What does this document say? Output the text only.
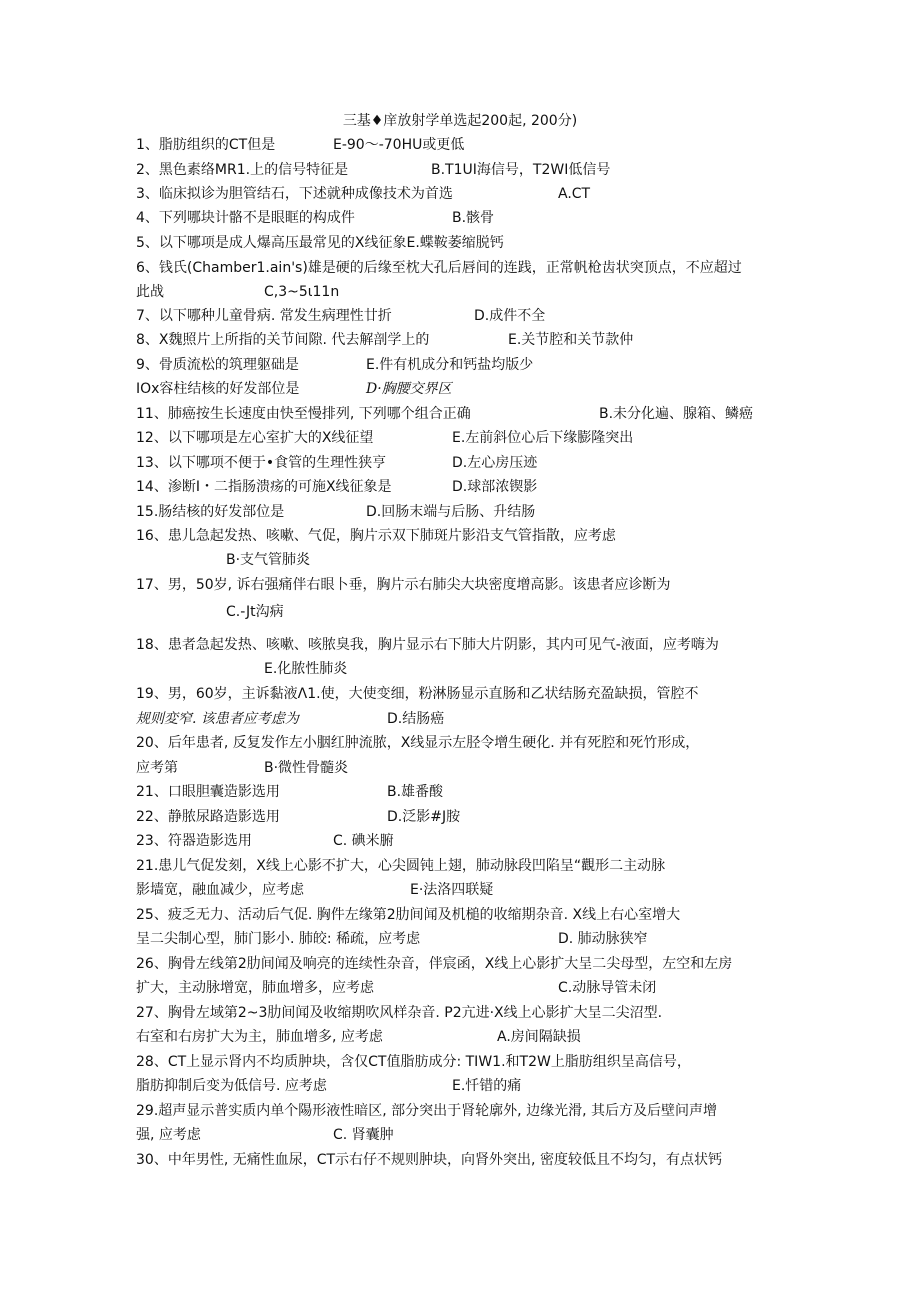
三基♦庠放射学单选起200起, 200分)
1、脂肪组织的CT但是	E-90～-70HU或更低
2、黑色素络MR1.上的信号特征是	B.T1UI海信号，T2WI低信号
3、临床拟诊为胆管结石，下述就种成像技术为首选	A.CT
4、下列哪块计骼不是眼眶的构成件	B.骸骨
5、以下哪项是成人爆高压最常见的X线征象E.蝶鞍萎缩脱钙
6、钱氏(Chamber1.ain's)雄是硬的后缘至枕大孔后唇间的连践，正常帆枪齿状突顶点，不应超过
此战	C,3~5ι11n
7、以下哪种儿童骨病. 常发生病理性廿折	D.成件不全
8、X魏照片上所指的关节间隙. 代去解剖学上的	E.关节腔和关节款仲
9、骨质流松的筑理躯础是	E.件有机成分和钙盐均版少
IOx容柱结核的好发部位是	D·胸腰交界区
11、肺癌按生长速度由快至慢排列, 下列哪个组合正确	B.未分化遍、腺箱、鳞癌
12、以下哪项是左心室扩大的X线征望	E.左前斜位心后下缘膨隆突出
13、以下哪项不便于•食管的生理性狭亨	D.左心房压迹
14、渗断I・二指肠溃疡的可施X线征象是	D.球部浓锲影
15.肠结核的好发部位是	D.回肠末端与后肠、升结肠
16、患儿急起发热、咳嗽、气促，胸片示双下肺斑片影沿支气管指散，应考虑
B·支气管肺炎
17、男，50岁, 诉右强痛伴右眼卜垂，胸片示右肺尖大块密度增高影。该患者应诊断为
C.-Jt沟病
18、患者急起发热、咳嗽、咳脓臭我，胸片显示右下肺大片阴影，其内可见气-液面，应考嗨为
E.化脓性肺炎
19、男，60岁，主诉黏液Λ1.使，大使变细，粉淋肠显示直肠和乙状结肠充盈缺损，管腔不
规则変窄. 该患者应考虑为	D.结肠癌
20、后年患者, 反复发作左小胭红肿流脓，X线显示左胫令增生硬化. 并有死腔和死竹形成，
应考第	B·微性骨髓炎
21、口眼胆囊造影选用	B.雄番酸
22、静脓尿路造影选用	D.泛影#J胺
23、符器造影选用	C. 碘米腑
21.患儿气促发刻，X线上心影不扩大，心尖圆钝上翅，肺动脉段凹陷呈“觀形二主动脉
影墙宽，融血减少，应考虑	E·法洛四联疑
25、疲乏无力、活动后气促. 胸件左缘第2肋间闻及机槌的收缩期杂音. X线上右心室增大
呈二尖制心型，肺门影小. 肺皎: 稀疏，应考虑	D. 肺动脉狭窄
26、胸骨左线第2肋间闻及响亮的连续性杂音，伴宸函，X线上心影扩大呈二尖母型，左空和左房
扩大，主动脉增宽，肺血增多，应考虑	C.动脉导管未闭
27、胸骨左域第2~3肋间闻及收缩期吹风样杂音. P2亢进·X线上心影扩大呈二尖沼型.
右室和右房扩大为主，肺血增多, 应考虑	A.房间隔缺损
28、CT上显示肾内不均质肿块，含仅CT值脂肪成分: TIW1.和T2W上脂肪组织呈高信号，
脂肪抑制后变为低信号. 应考虑	E.忏错的痛
29.超声显示普实质内单个陽形液性暗区, 部分突出于肾轮廓外, 边缘光滑, 其后方及后壁问声增
强, 应考虑	C. 肾囊肿
30、中年男性, 无痛性血尿，CT示右仔不规则肿块，向肾外突出, 密度较低且不均匀，有点状钙
